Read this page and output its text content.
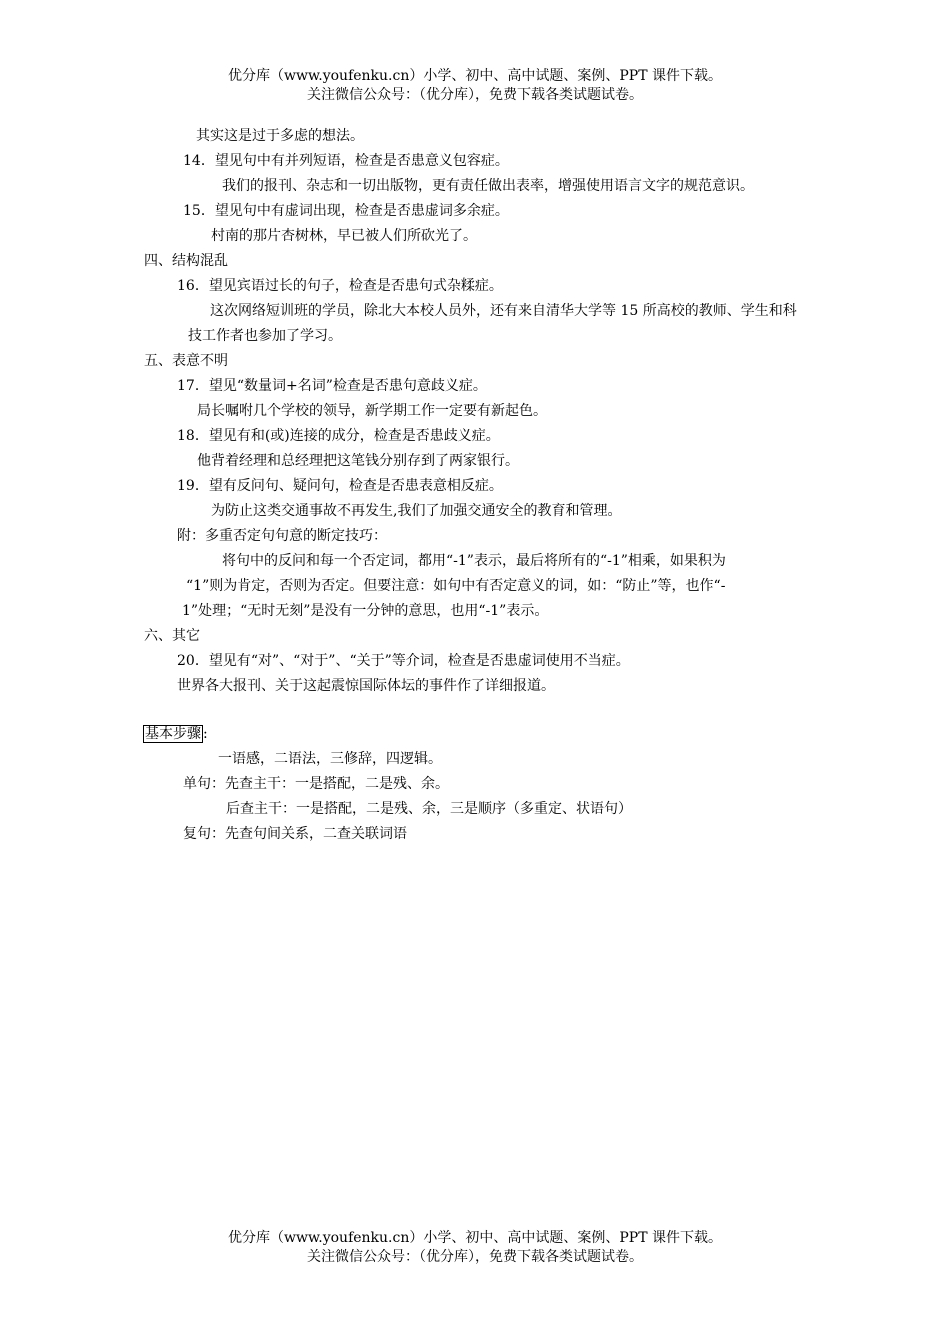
优分库（www.youfenku.cn）小学、初中、高中试题、案例、PPT 课件下载。
关注微信公众号：（优分库），免费下载各类试题试卷。
其实这是过于多虑的想法。
14．望见句中有并列短语，检查是否患意义包容症。
我们的报刊、杂志和一切出版物，更有责任做出表率，增强使用语言文字的规范意识。
15．望见句中有虚词出现，检查是否患虚词多余症。
村南的那片杏树林，早已被人们所砍光了。
四、结构混乱
16．望见宾语过长的句子，检查是否患句式杂糅症。
这次网络短训班的学员，除北大本校人员外，还有来自清华大学等 15 所高校的教师、学生和科
技工作者也参加了学习。
五、表意不明
17．望见“数量词+名词”检查是否患句意歧义症。
局长嘱咐几个学校的领导，新学期工作一定要有新起色。
18．望见有和(或)连接的成分，检查是否患歧义症。
他背着经理和总经理把这笔钱分别存到了两家银行。
19．望有反问句、疑问句，检查是否患表意相反症。
为防止这类交通事故不再发生,我们了加强交通安全的教育和管理。
附：多重否定句句意的断定技巧：
将句中的反问和每一个否定词，都用“-1”表示，最后将所有的“-1”相乘，如果积为
“1”则为肯定，否则为否定。但要注意：如句中有否定意义的词，如：“防止”等，也作“-
1”处理；“无时无刻”是没有一分钟的意思，也用“-1”表示。
六、其它
20．望见有“对”、“对于”、“关于”等介词，检查是否患虚词使用不当症。
世界各大报刊、关于这起震惊国际体坛的事件作了详细报道。
基本步骤 :
一语感，二语法，三修辞，四逻辑。
单句：先查主干：一是搭配，二是残、余。
后查主干：一是搭配，二是残、余，三是顺序（多重定、状语句）
复句：先查句间关系，二查关联词语
优分库（www.youfenku.cn）小学、初中、高中试题、案例、PPT 课件下载。
关注微信公众号：（优分库），免费下载各类试题试卷。
